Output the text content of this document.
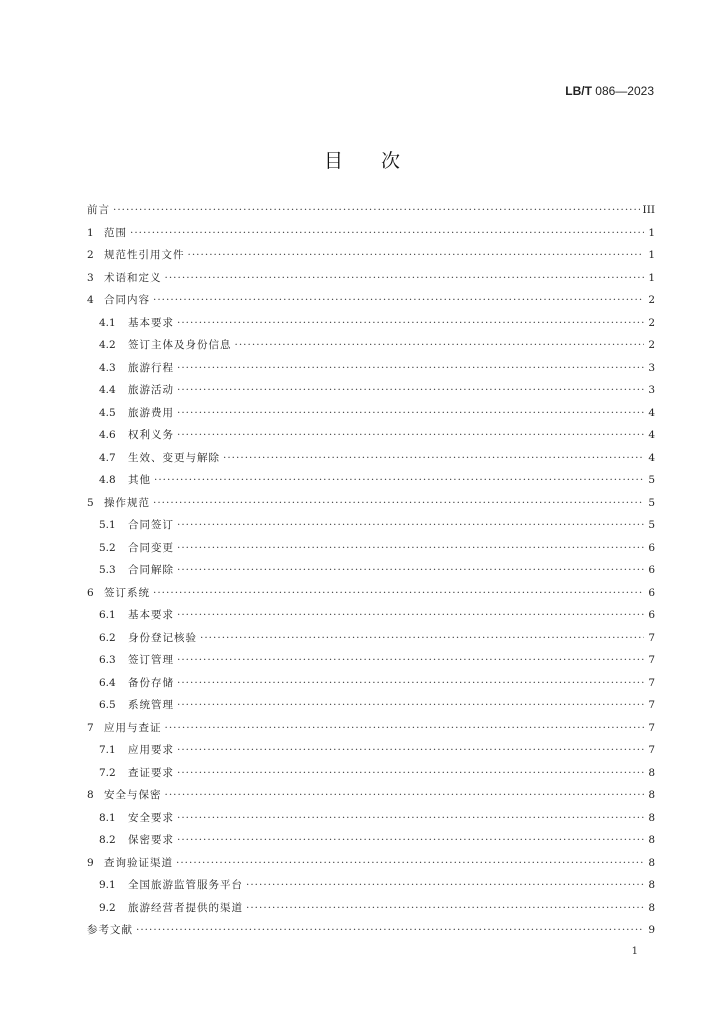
LB/T 086—2023
目次
前言 ·····	III
1 范围 ·····	1
2 规范性引用文件 ·····	1
3 术语和定义 ·····	1
4 合同内容 ·····	2
4.1	基本要求 ·····	2
4.2	签订主体及身份信息 ·····	2
4.3	旅游行程 ·····	3
4.4	旅游活动 ·····	3
4.5	旅游费用 ·····	4
4.6	权利义务 ·····	4
4.7	生效、变更与解除 ·····	4
4.8	其他 ·····	5
5 操作规范 ·····	5
5.1	合同签订 ·····	5
5.2	合同变更 ·····	6
5.3	合同解除 ·····	6
6 签订系统 ·····	6
6.1	基本要求 ·····	6
6.2	身份登记核验 ·····	7
6.3	签订管理 ·····	7
6.4	备份存储 ·····	7
6.5	系统管理 ·····	7
7 应用与查证 ·····	7
7.1	应用要求 ·····	7
7.2	查证要求 ·····	8
8 安全与保密 ·····	8
8.1	安全要求 ·····	8
8.2	保密要求 ·····	8
9 查询验证渠道 ·····	8
9.1	全国旅游监管服务平台 ·····	8
9.2	旅游经营者提供的渠道 ·····	8
参考文献 ·····	9
1
